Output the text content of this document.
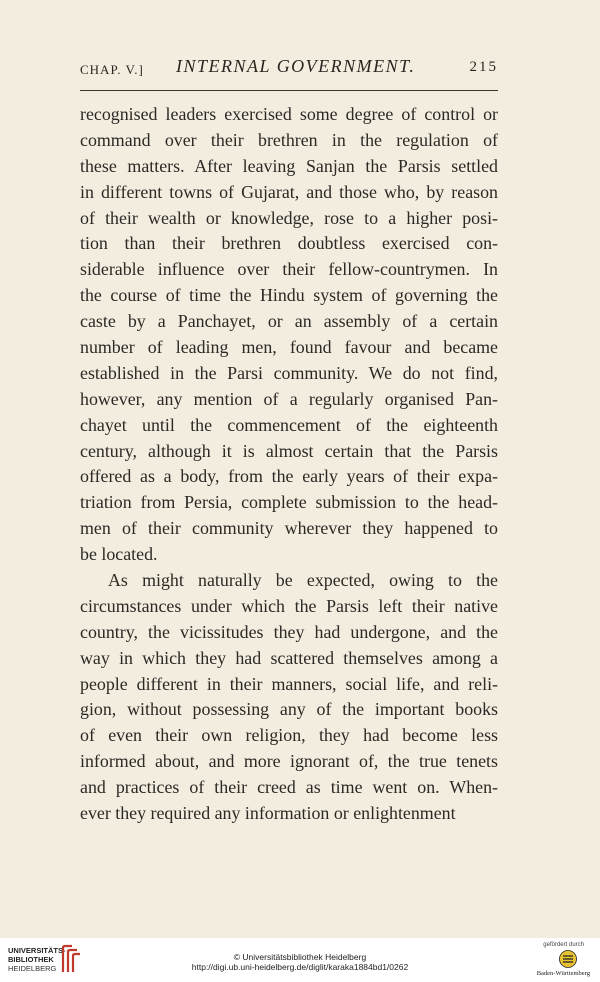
CHAP. V.] INTERNAL GOVERNMENT.	215
recognised leaders exercised some degree of control or
command over their brethren in the regulation of
these matters. After leaving Sanjan the Parsis settled
in different towns of Gujarat, and those who, by reason
of their wealth or knowledge, rose to a higher posi-
tion than their brethren doubtless exercised con-
siderable influence over their fellow-countrymen. In
the course of time the Hindu system of governing the
caste by a Panchayet, or an assembly of a certain
number of leading men, found favour and became
established in the Parsi community. We do not find,
however, any mention of a regularly organised Pan-
chayet until the commencement of the eighteenth
century, although it is almost certain that the Parsis
offered as a body, from the early years of their expa-
triation from Persia, complete submission to the head-
men of their community wherever they happened to
be located.
As might naturally be expected, owing to the
circumstances under which the Parsis left their native
country, the vicissitudes they had undergone, and the
way in which they had scattered themselves among a
people different in their manners, social life, and reli-
gion, without possessing any of the important books
of even their own religion, they had become less
informed about, and more ignorant of, the true tenets
and practices of their creed as time went on. When-
ever they required any information or enlightenment
UNIVERSITÄTS-
BIBLIOTHEK
HEIDELBERG
© Universitätsbibliothek Heidelberg
http://digi.ub.uni-heidelberg.de/diglit/karaka1884bd1/0262
gefördert durch
Baden-Württemberg
